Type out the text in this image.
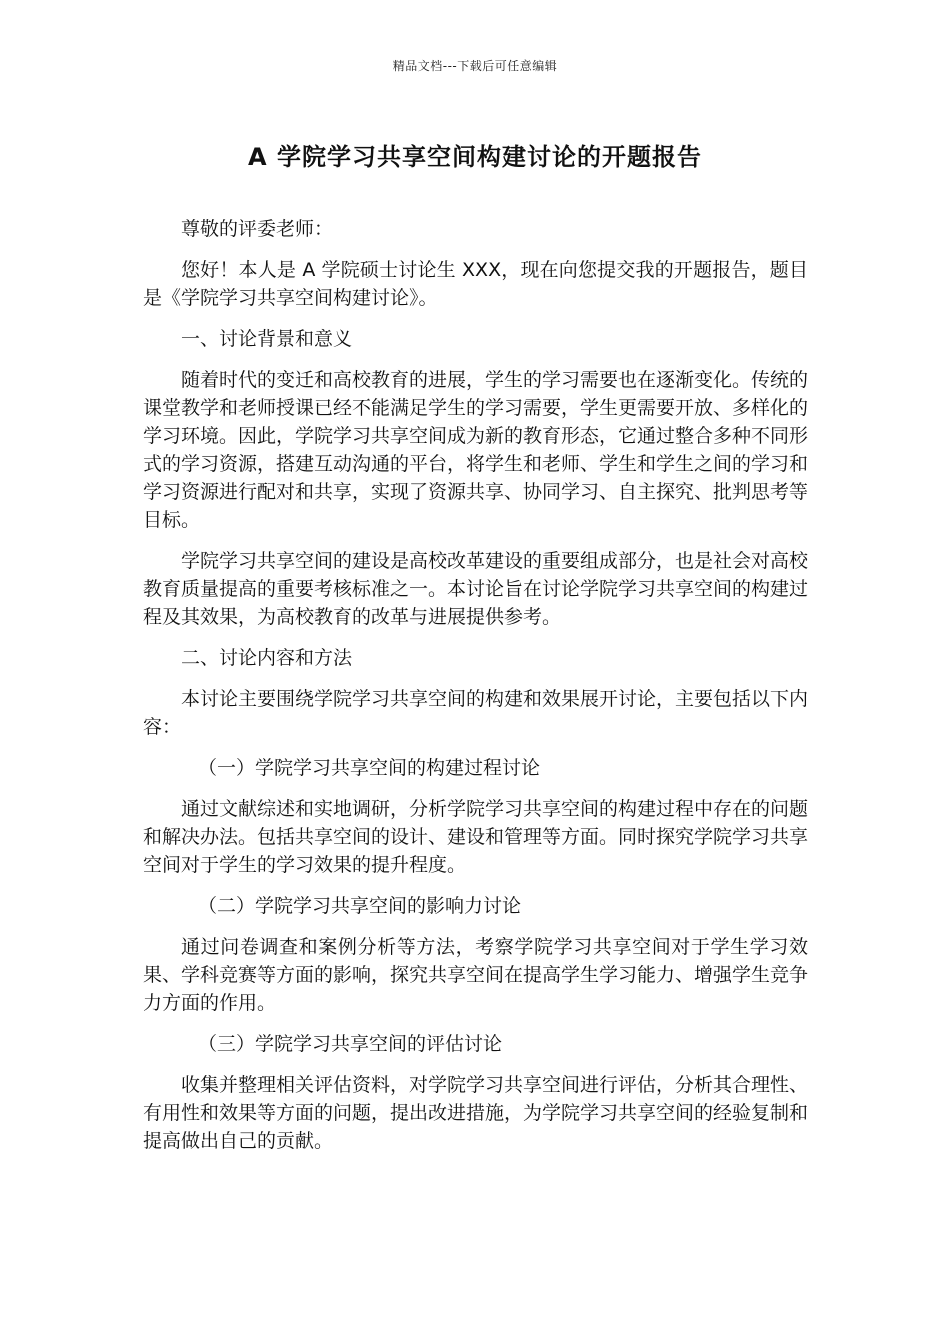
精品文档---下载后可任意编辑
A 学院学习共享空间构建讨论的开题报告

尊敬的评委老师：

您好！本人是 A 学院硕士讨论生 XXX，现在向您提交我的开题报告，题目是《学院学习共享空间构建讨论》。

一、讨论背景和意义

随着时代的变迁和高校教育的进展，学生的学习需要也在逐渐变化。传统的课堂教学和老师授课已经不能满足学生的学习需要，学生更需要开放、多样化的学习环境。因此，学院学习共享空间成为新的教育形态，它通过整合多种不同形式的学习资源，搭建互动沟通的平台，将学生和老师、学生和学生之间的学习和学习资源进行配对和共享，实现了资源共享、协同学习、自主探究、批判思考等目标。

学院学习共享空间的建设是高校改革建设的重要组成部分，也是社会对高校教育质量提高的重要考核标准之一。本讨论旨在讨论学院学习共享空间的构建过程及其效果，为高校教育的改革与进展提供参考。

二、讨论内容和方法

本讨论主要围绕学院学习共享空间的构建和效果展开讨论，主要包括以下内容：

（一）学院学习共享空间的构建过程讨论

通过文献综述和实地调研，分析学院学习共享空间的构建过程中存在的问题和解决办法。包括共享空间的设计、建设和管理等方面。同时探究学院学习共享空间对于学生的学习效果的提升程度。

（二）学院学习共享空间的影响力讨论

通过问卷调查和案例分析等方法，考察学院学习共享空间对于学生学习效果、学科竞赛等方面的影响，探究共享空间在提高学生学习能力、增强学生竞争力方面的作用。

（三）学院学习共享空间的评估讨论

收集并整理相关评估资料，对学院学习共享空间进行评估，分析其合理性、有用性和效果等方面的问题，提出改进措施，为学院学习共享空间的经验复制和提高做出自己的贡献。
